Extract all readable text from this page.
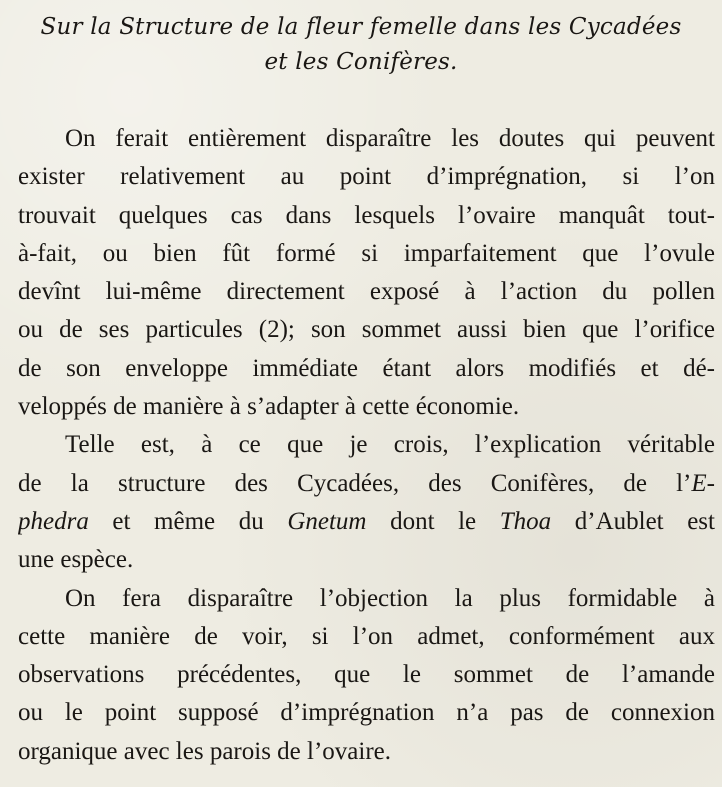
Sur la Structure de la fleur femelle dans les Cycadées
et les Conifères.
On ferait entièrement disparaître les doutes qui peuvent
exister relativement au point d’imprégnation, si l’on
trouvait quelques cas dans lesquels l’ovaire manquât tout-
à-fait, ou bien fût formé si imparfaitement que l’ovule
devînt lui-même directement exposé à l’action du pollen
ou de ses particules (2); son sommet aussi bien que l’orifice
de son enveloppe immédiate étant alors modifiés et dé-
veloppés de manière à s’adapter à cette économie.
Telle est, à ce que je crois, l’explication véritable
de la structure des Cycadées, des Conifères, de l’E-
phedra et même du Gnetum dont le Thoa d’Aublet est
une espèce.
On fera disparaître l’objection la plus formidable à
cette manière de voir, si l’on admet, conformément aux
observations précédentes, que le sommet de l’amande
ou le point supposé d’imprégnation n’a pas de connexion
organique avec les parois de l’ovaire.
